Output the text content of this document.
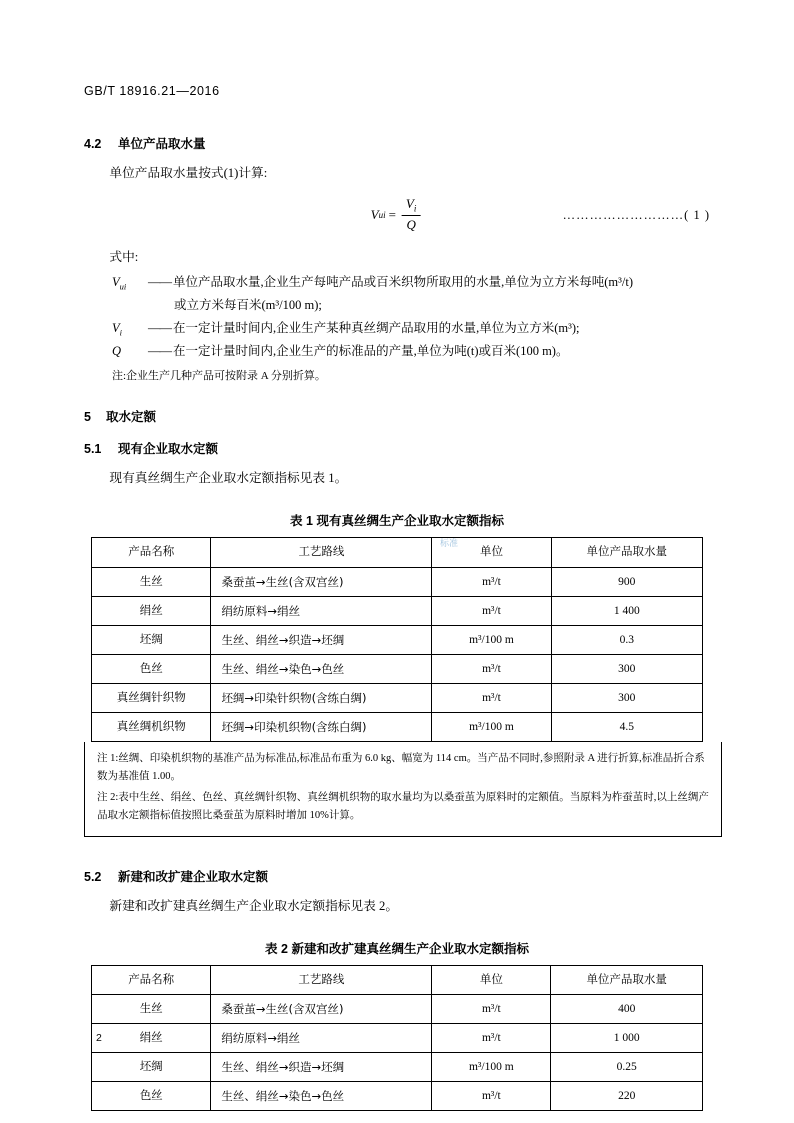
GB/T 18916.21—2016
4.2 单位产品取水量
单位产品取水量按式(1)计算:
V ui = $\frac{V_i}{Q}$	………………………( 1 )
式中:
$V_{ui}$	—— 单位产品取水量,企业生产每吨产品或百米织物所取用的水量,单位为立方米每吨(m³/t)
或立方米每百米(m³/100 m);
$V_i$	—— 在一定计量时间内,企业生产某种真丝绸产品取用的水量,单位为立方米(m³);
Q	—— 在一定计量时间内,企业生产的标准品的产量,单位为吨(t)或百米(100 m)。
注:企业生产几种产品可按附录 A 分别折算。
5 取水定额
5.1 现有企业取水定额
现有真丝绸生产企业取水定额指标见表 1。
表 1 现有真丝绸生产企业取水定额指标
产品名称	工艺路线	单位	单位产品取水量
生丝	桑蚕茧→生丝(含双宫丝)	m³/t	900
绢丝	绢纺原料→绢丝	m³/t	1 400
坯绸	生丝、绢丝→织造→坯绸	m³/100 m	0.3
色丝	生丝、绢丝→染色→色丝	m³/t	300
真丝绸针织物	坯绸→印染针织物(含练白绸)	m³/t	300
真丝绸机织物	坯绸→印染机织物(含练白绸)	m³/100 m	4.5
注 1:丝绸、印染机织物的基准产品为标准品,标准品布重为 6.0 kg、幅宽为 114 cm。当产品不同时,参照附录 A 进行折算,标准品折合系数为基准值 1.00。
注 2:表中生丝、绢丝、色丝、真丝绸针织物、真丝绸机织物的取水量均为以桑蚕茧为原料时的定额值。当原料为柞蚕茧时,以上丝绸产品取水定额指标值按照比桑蚕茧为原料时增加 10%计算。
5.2 新建和改扩建企业取水定额
新建和改扩建真丝绸生产企业取水定额指标见表 2。
表 2 新建和改扩建真丝绸生产企业取水定额指标
产品名称	工艺路线	单位	单位产品取水量
生丝	桑蚕茧→生丝(含双宫丝)	m³/t	400
绢丝	绢纺原料→绢丝	m³/t	1 000
坯绸	生丝、绢丝→织造→坯绸	m³/100 m	0.25
色丝	生丝、绢丝→染色→色丝	m³/t	220
标准
2
